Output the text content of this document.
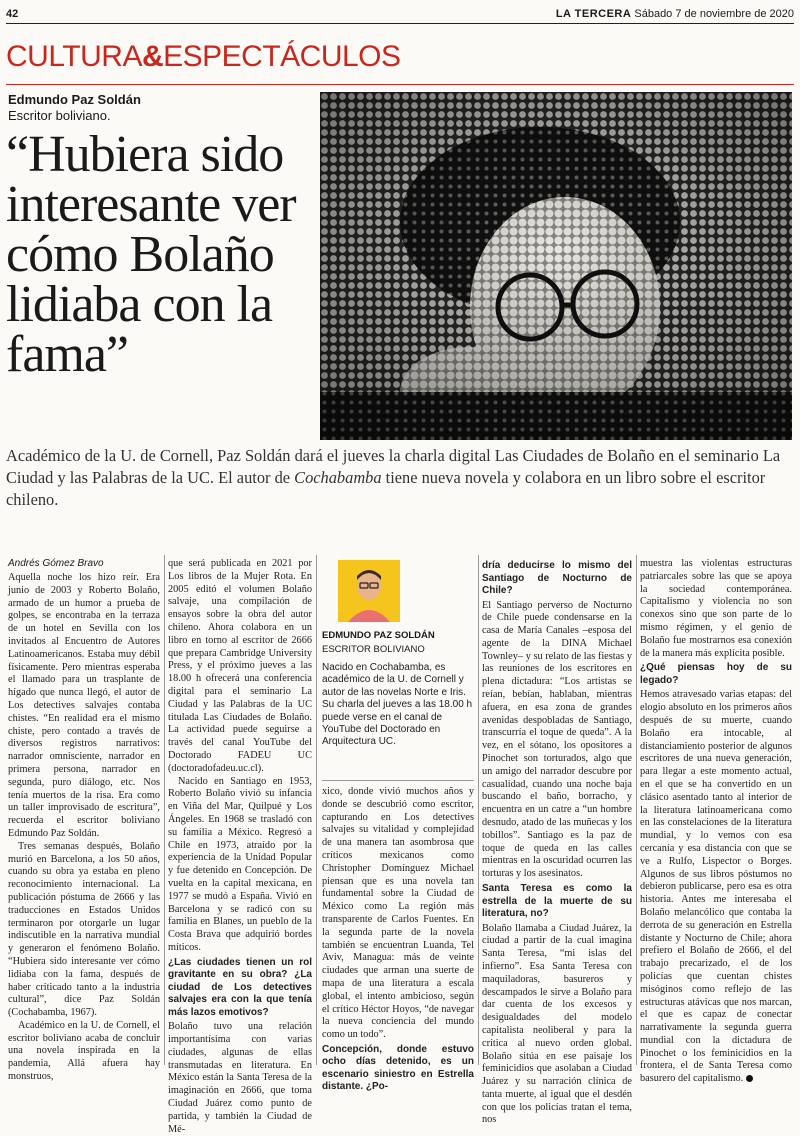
42	LA TERCERA Sábado 7 de noviembre de 2020
CULTURA&ESPECTÁCULOS
Edmundo Paz Soldán
Escritor boliviano.
“Hubiera sido interesante ver cómo Bolaño lidiaba con la fama”

Académico de la U. de Cornell, Paz Soldán dará el jueves la charla digital Las Ciudades de Bolaño en el seminario La Ciudad y las Palabras de la UC. El autor de Cochabamba tiene nueva novela y colabora en un libro sobre el escritor chileno.

Andrés Gómez Bravo

Aquella noche los hizo reír. Era junio de 2003 y Roberto Bolaño, armado de un humor a prueba de golpes, se encontraba en la terraza de un hotel en Sevilla con los invitados al Encuentro de Autores Latinoamericanos. Estaba muy débil físicamente. Pero mientras esperaba el llamado para un trasplante de hígado que nunca llegó, el autor de Los detectives salvajes contaba chistes. “En realidad era el mismo chiste, pero contado a través de diversos registros narrativos: narrador omnisciente, narrador en primera persona, narrador en segunda, puro diálogo, etc. Nos tenía muertos de la risa. Era como un taller improvisado de escritura”, recuerda el escritor boliviano Edmundo Paz Soldán.

Tres semanas después, Bolaño murió en Barcelona, a los 50 años, cuando su obra ya estaba en pleno reconocimiento internacional. La publicación póstuma de 2666 y las traducciones en Estados Unidos terminaron por otorgarle un lugar indiscutible en la narrativa mundial y generaron el fenómeno Bolaño. “Hubiera sido interesante ver cómo lidiaba con la fama, después de haber criticado tanto a la industria cultural”, dice Paz Soldán (Cochabamba, 1967).

Académico en la U. de Cornell, el escritor boliviano acaba de concluir una novela inspirada en la pandemia, Allá afuera hay monstruos,

que será publicada en 2021 por Los libros de la Mujer Rota. En 2005 editó el volumen Bolaño salvaje, una compilación de ensayos sobre la obra del autor chileno. Ahora colabora en un libro en torno al escritor de 2666 que prepara Cambridge University Press, y el próximo jueves a las 18.00 h ofrecerá una conferencia digital para el seminario La Ciudad y las Palabras de la UC titulada Las Ciudades de Bolaño. La actividad puede seguirse a través del canal YouTube del Doctorado FADEU UC (doctoradofadeu.uc.cl).

Nacido en Santiago en 1953, Roberto Bolaño vivió su infancia en Viña del Mar, Quilpué y Los Ángeles. En 1968 se trasladó con su familia a México. Regresó a Chile en 1973, atraído por la experiencia de la Unidad Popular y fue detenido en Concepción. De vuelta en la capital mexicana, en 1977 se mudó a España. Vivió en Barcelona y se radicó con su familia en Blanes, un pueblo de la Costa Brava que adquirió bordes míticos.

¿Las ciudades tienen un rol gravitante en su obra? ¿La ciudad de Los detectives salvajes era con la que tenía más lazos emotivos?

Bolaño tuvo una relación importantísima con varias ciudades, algunas de ellas transmutadas en literatura. En México están la Santa Teresa de la imaginación en 2666, que toma Ciudad Juárez como punto de partida, y también la Ciudad de Mé-

EDMUNDO PAZ SOLDÁN
ESCRITOR BOLIVIANO
Nacido en Cochabamba, es académico de la U. de Cornell y autor de las novelas Norte e Iris. Su charla del jueves a las 18.00 h puede verse en el canal de YouTube del Doctorado en Arquitectura UC.

xico, donde vivió muchos años y donde se descubrió como escritor, capturando en Los detectives salvajes su vitalidad y complejidad de una manera tan asombrosa que críticos mexicanos como Christopher Domínguez Michael piensan que es una novela tan fundamental sobre la Ciudad de México como La región más transparente de Carlos Fuentes. En la segunda parte de la novela también se encuentran Luanda, Tel Aviv, Managua: más de veinte ciudades que arman una suerte de mapa de una literatura a escala global, el intento ambicioso, según el crítico Héctor Hoyos, “de navegar la nueva conciencia del mundo como un todo”.

Concepción, donde estuvo ocho días detenido, es un escenario siniestro en Estrella distante. ¿Po-

dría deducirse lo mismo del Santiago de Nocturno de Chile?

El Santiago perverso de Nocturno de Chile puede condensarse en la casa de María Canales –esposa del agente de la DINA Michael Townley– y su relato de las fiestas y las reuniones de los escritores en plena dictadura: “Los artistas se reían, bebían, hablaban, mientras afuera, en esa zona de grandes avenidas despobladas de Santiago, transcurría el toque de queda”. A la vez, en el sótano, los opositores a Pinochet son torturados, algo que un amigo del narrador descubre por casualidad, cuando una noche baja buscando el baño, borracho, y encuentra en un catre a “un hombre desnudo, atado de las muñecas y los tobillos”. Santiago es la paz de toque de queda en las calles mientras en la oscuridad ocurren las torturas y los asesinatos.

Santa Teresa es como la estrella de la muerte de su literatura, no?

Bolaño llamaba a Ciudad Juárez, la ciudad a partir de la cual imagina Santa Teresa, “mi islas del infierno”. Esa Santa Teresa con maquiladoras, basureros y descampados le sirve a Bolaño para dar cuenta de los excesos y desigualdades del modelo capitalista neoliberal y para la crítica al nuevo orden global. Bolaño sitúa en ese paisaje los feminicidios que asolaban a Ciudad Juárez y su narración clínica de tanta muerte, al igual que el desdén con que los policías tratan el tema, nos

muestra las violentas estructuras patriarcales sobre las que se apoya la sociedad contemporánea. Capitalismo y violencia no son conexos sino que son parte de lo mismo régimen, y el genio de Bolaño fue mostrarnos esa conexión de la manera más explícita posible.

¿Qué piensas hoy de su legado?

Hemos atravesado varias etapas: del elogio absoluto en los primeros años después de su muerte, cuando Bolaño era intocable, al distanciamiento posterior de algunos escritores de una nueva generación, para llegar a este momento actual, en el que se ha convertido en un clásico asentado tanto al interior de la literatura latinoamericana como en las constelaciones de la literatura mundial, y lo vemos con esa cercanía y esa distancia con que se ve a Rulfo, Lispector o Borges. Algunos de sus libros póstumos no debieron publicarse, pero esa es otra historia. Antes me interesaba el Bolaño melancólico que contaba la derrota de su generación en Estrella distante y Nocturno de Chile; ahora prefiero el Bolaño de 2666, el del trabajo precarizado, el de los policías que cuentan chistes misóginos como reflejo de las estructuras atávicas que nos marcan, el que es capaz de conectar narrativamente la segunda guerra mundial con la dictadura de Pinochet o los feminicidios en la frontera, el de Santa Teresa como basurero del capitalismo.
